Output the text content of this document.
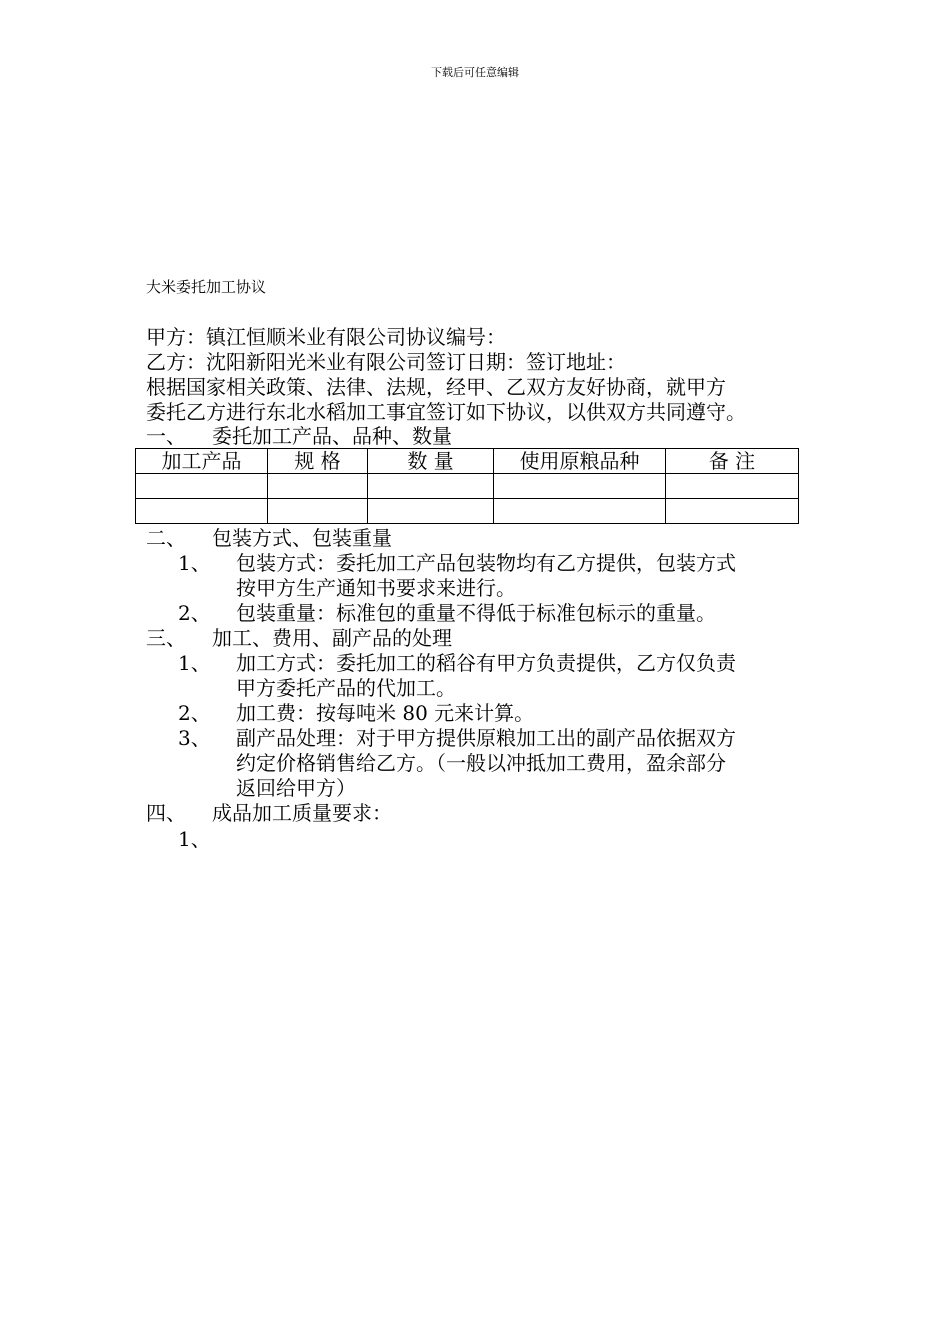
下载后可任意编辑
大米委托加工协议
甲方：镇江恒顺米业有限公司协议编号：
乙方：沈阳新阳光米业有限公司签订日期：签订地址：
根据国家相关政策、法律、法规，经甲、乙双方友好协商，就甲方
委托乙方进行东北水稻加工事宜签订如下协议，以供双方共同遵守。
一、 委托加工产品、品种、数量
加工产品	规 格	数 量	使用原粮品种	备 注

二、 包装方式、包装重量
1、 包装方式：委托加工产品包装物均有乙方提供，包装方式
按甲方生产通知书要求来进行。
2、 包装重量：标准包的重量不得低于标准包标示的重量。
三、 加工、费用、副产品的处理
1、 加工方式：委托加工的稻谷有甲方负责提供，乙方仅负责
甲方委托产品的代加工。
2、 加工费：按每吨米 80 元来计算。
3、 副产品处理：对于甲方提供原粮加工出的副产品依据双方
约定价格销售给乙方。（一般以冲抵加工费用，盈余部分
返回给甲方）
四、 成品加工质量要求：
1、
